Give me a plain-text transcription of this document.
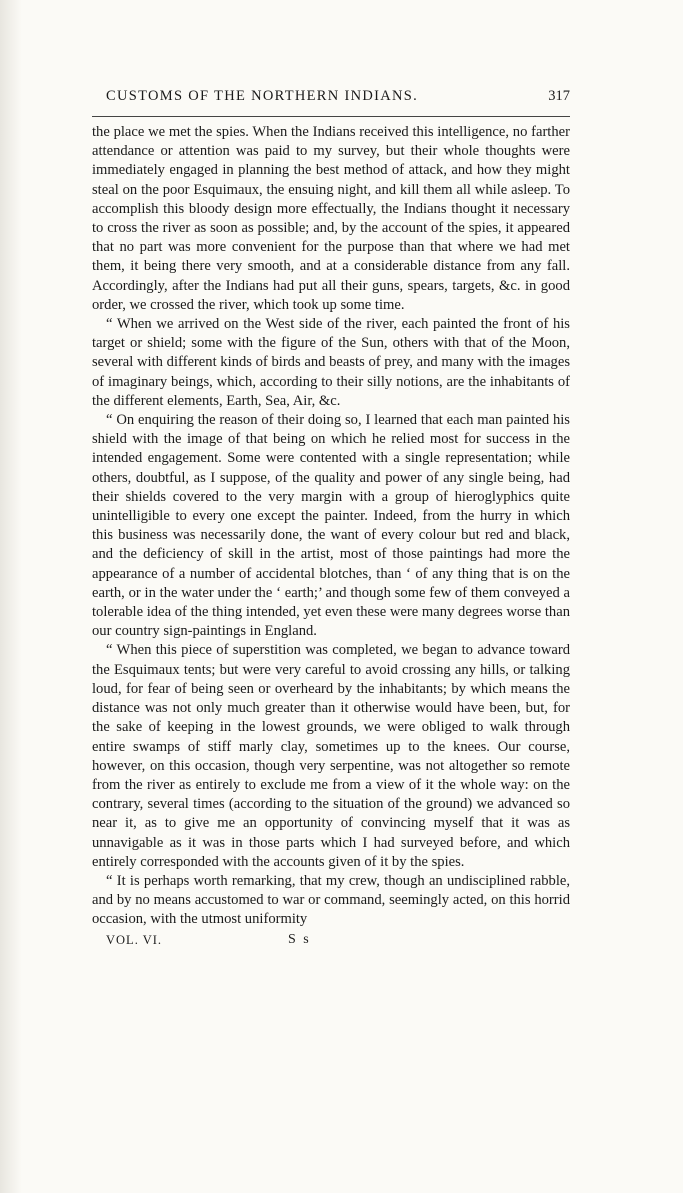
CUSTOMS OF THE NORTHERN INDIANS.	317

the place we met the spies. When the Indians received this intelligence, no farther attendance or attention was paid to my survey, but their whole thoughts were immediately engaged in planning the best method of attack, and how they might steal on the poor Esquimaux, the ensuing night, and kill them all while asleep. To accomplish this bloody design more effectually, the Indians thought it necessary to cross the river as soon as possible; and, by the account of the spies, it appeared that no part was more convenient for the purpose than that where we had met them, it being there very smooth, and at a considerable distance from any fall. Accordingly, after the Indians had put all their guns, spears, targets, &c. in good order, we crossed the river, which took up some time.

“ When we arrived on the West side of the river, each painted the front of his target or shield; some with the figure of the Sun, others with that of the Moon, several with different kinds of birds and beasts of prey, and many with the images of imaginary beings, which, according to their silly notions, are the inhabitants of the different elements, Earth, Sea, Air, &c.

“ On enquiring the reason of their doing so, I learned that each man painted his shield with the image of that being on which he relied most for success in the intended engagement. Some were contented with a single representation; while others, doubtful, as I suppose, of the quality and power of any single being, had their shields covered to the very margin with a group of hieroglyphics quite unintelligible to every one except the painter. Indeed, from the hurry in which this business was necessarily done, the want of every colour but red and black, and the deficiency of skill in the artist, most of those paintings had more the appearance of a number of accidental blotches, than ‘ of any thing that is on the earth, or in the water under the ‘ earth;’ and though some few of them conveyed a tolerable idea of the thing intended, yet even these were many degrees worse than our country sign-paintings in England.

“ When this piece of superstition was completed, we began to advance toward the Esquimaux tents; but were very careful to avoid crossing any hills, or talking loud, for fear of being seen or overheard by the inhabitants; by which means the distance was not only much greater than it otherwise would have been, but, for the sake of keeping in the lowest grounds, we were obliged to walk through entire swamps of stiff marly clay, sometimes up to the knees. Our course, however, on this occasion, though very serpentine, was not altogether so remote from the river as entirely to exclude me from a view of it the whole way: on the contrary, several times (according to the situation of the ground) we advanced so near it, as to give me an opportunity of convincing myself that it was as unnavigable as it was in those parts which I had surveyed before, and which entirely corresponded with the accounts given of it by the spies.

“ It is perhaps worth remarking, that my crew, though an undisciplined rabble, and by no means accustomed to war or command, seemingly acted, on this horrid occasion, with the utmost uniformity

VOL. VI.	S s
